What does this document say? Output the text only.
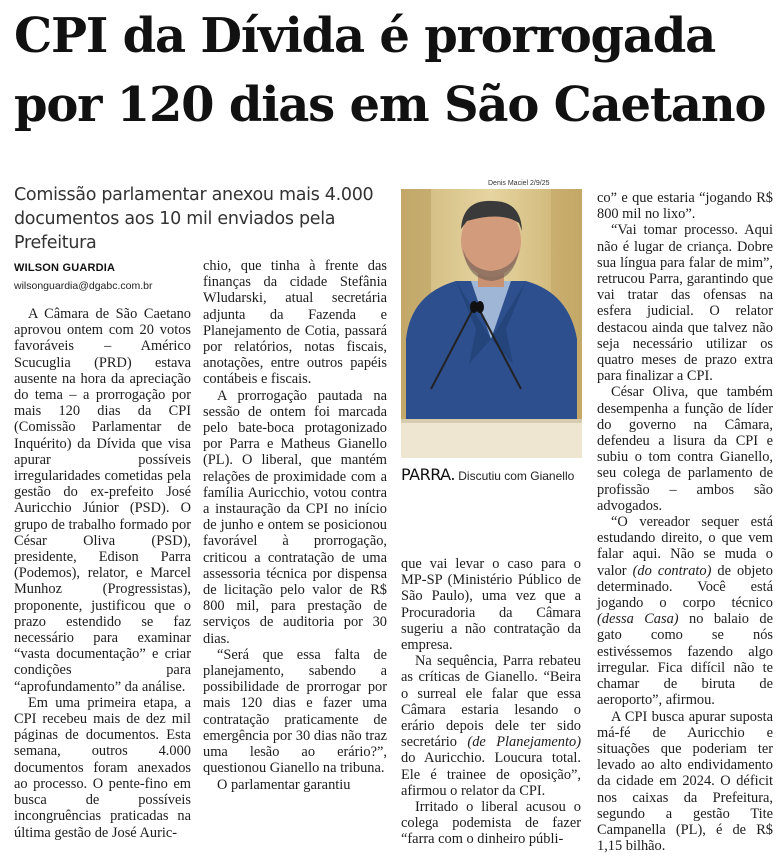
CPI da Dívida é prorrogada
por 120 dias em São Caetano

Comissão parlamentar anexou mais 4.000 documentos aos 10 mil enviados pela Prefeitura

WILSON GUARDIA
wilsonguardia@dgabc.com.br

A Câmara de São Caetano aprovou ontem com 20 votos favoráveis – Américo Scucuglia (PRD) estava ausente na hora da apreciação do tema – a prorrogação por mais 120 dias da CPI (Comissão Parlamentar de Inquérito) da Dívida que visa apurar possíveis irregularidades cometidas pela gestão do ex-prefeito José Auricchio Júnior (PSD). O grupo de trabalho formado por César Oliva (PSD), presidente, Edison Parra (Podemos), relator, e Marcel Munhoz (Progressistas), proponente, justificou que o prazo estendido se faz necessário para examinar “vasta documentação” e criar condições para “aprofundamento” da análise.

Em uma primeira etapa, a CPI recebeu mais de dez mil páginas de documentos. Esta semana, outros 4.000 documentos foram anexados ao processo. O pente-fino em busca de possíveis incongruências praticadas na última gestão de José Auric-

chio, que tinha à frente das finanças da cidade Stefânia Wludarski, atual secretária adjunta da Fazenda e Planejamento de Cotia, passará por relatórios, notas fiscais, anotações, entre outros papéis contábeis e fiscais.

A prorrogação pautada na sessão de ontem foi marcada pelo bate-boca protagonizado por Parra e Matheus Gianello (PL). O liberal, que mantém relações de proximidade com a família Auricchio, votou contra a instauração da CPI no início de junho e ontem se posicionou favorável à prorrogação, criticou a contratação de uma assessoria técnica por dispensa de licitação pelo valor de R$ 800 mil, para prestação de serviços de auditoria por 30 dias.

“Será que essa falta de planejamento, sabendo a possibilidade de prorrogar por mais 120 dias e fazer uma contratação praticamente de emergência por 30 dias não traz uma lesão ao erário?”, questionou Gianello na tribuna.

O parlamentar garantiu

Denis Maciel 2/9/25
PARRA. Discutiu com Gianello

que vai levar o caso para o MP-SP (Ministério Público de São Paulo), uma vez que a Procuradoria da Câmara sugeriu a não contratação da empresa.

Na sequência, Parra rebateu as críticas de Gianello. “Beira o surreal ele falar que essa Câmara estaria lesando o erário depois dele ter sido secretário (de Planejamento) do Auricchio. Loucura total. Ele é trainee de oposição”, afirmou o relator da CPI.

Irritado o liberal acusou o colega podemista de fazer “farra com o dinheiro públi-

co” e que estaria “jogando R$ 800 mil no lixo”.

“Vai tomar processo. Aqui não é lugar de criança. Dobre sua língua para falar de mim”, retrucou Parra, garantindo que vai tratar das ofensas na esfera judicial. O relator destacou ainda que talvez não seja necessário utilizar os quatro meses de prazo extra para finalizar a CPI.

César Oliva, que também desempenha a função de líder do governo na Câmara, defendeu a lisura da CPI e subiu o tom contra Gianello, seu colega de parlamento de profissão – ambos são advogados.

“O vereador sequer está estudando direito, o que vem falar aqui. Não se muda o valor (do contrato) de objeto determinado. Você está jogando o corpo técnico (dessa Casa) no balaio de gato como se nós estivéssemos fazendo algo irregular. Fica difícil não te chamar de biruta de aeroporto”, afirmou.

A CPI busca apurar suposta má-fé de Auricchio e situações que poderiam ter levado ao alto endividamento da cidade em 2024. O déficit nos caixas da Prefeitura, segundo a gestão Tite Campanella (PL), é de R$ 1,15 bilhão.
